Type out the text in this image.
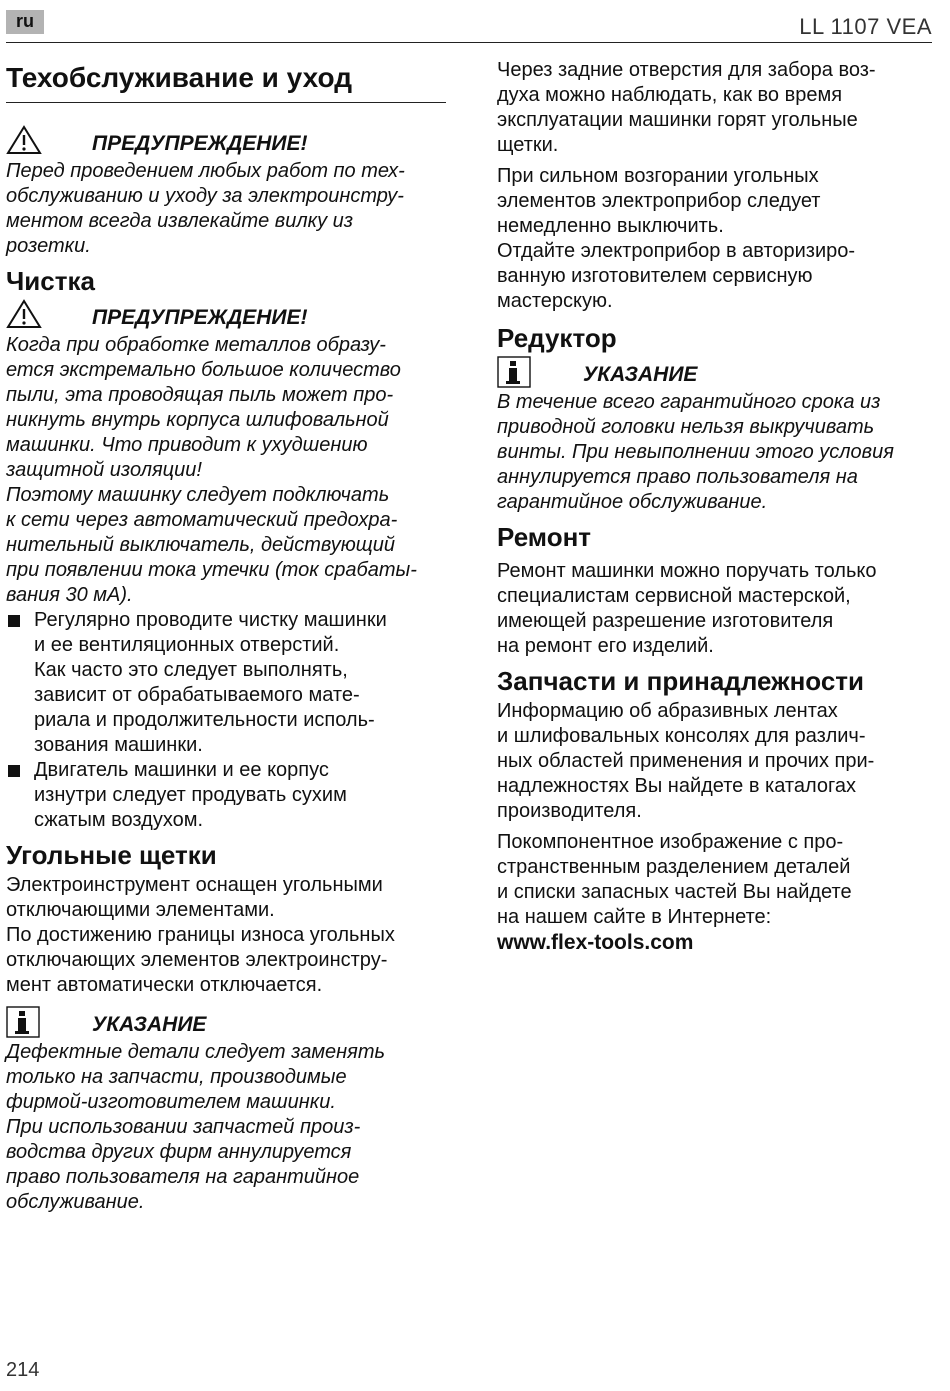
ru	LL 1107 VEA
Техобслуживание и уход
ПРЕДУПРЕЖДЕНИЕ!

Перед проведением любых работ по тех-

обслуживанию и уходу за электроинстру-

ментом всегда извлекайте вилку из

розетки.

Чистка
ПРЕДУПРЕЖДЕНИЕ!

Когда при обработке металлов образу-

ется экстремально большое количество

пыли, эта проводящая пыль может про-

никнуть внутрь корпуса шлифовальной

машинки. Что приводит к ухудшению

защитной изоляции!

Поэтому машинку следует подключать

к сети через автоматический предохра-

нительный выключатель, действующий

при появлении тока утечки (ток срабаты-

вания 30 мА).

Регулярно проводите чистку машинки
и ее вентиляционных отверстий.
Как часто это следует выполнять,
зависит от обрабатываемого мате-
риала и продолжительности исполь-
зования машинки.
Двигатель машинки и ее корпус
изнутри следует продувать сухим
сжатым воздухом.
Угольные щетки

Электроинструмент оснащен угольными

отключающими элементами.

По достижению границы износа угольных

отключающих элементов электроинстру-

мент автоматически отключается.

УКАЗАНИЕ

Дефектные детали следует заменять

только на запчасти, производимые

фирмой-изготовителем машинки.

При использовании запчастей произ-

водства других фирм аннулируется

право пользователя на гарантийное

обслуживание.

Через задние отверстия для забора воз-

духа можно наблюдать, как во время

эксплуатации машинки горят угольные

щетки.

При сильном возгорании угольных

элементов электроприбор следует

немедленно выключить.

Отдайте электроприбор в авторизиро-

ванную изготовителем сервисную

мастерскую.

Редуктор
УКАЗАНИЕ

В течение всего гарантийного срока из

приводной головки нельзя выкручивать

винты. При невыполнении этого условия

аннулируется право пользователя на

гарантийное обслуживание.

Ремонт

Ремонт машинки можно поручать только

специалистам сервисной мастерской,

имеющей разрешение изготовителя

на ремонт его изделий.

Запчасти и принадлежности

Информацию об абразивных лентах

и шлифовальных консолях для различ-

ных областей применения и прочих при-

надлежностях Вы найдете в каталогах

производителя.

Покомпонентное изображение с про-

странственным разделением деталей

и списки запасных частей Вы найдете

на нашем сайте в Интернете:

www.flex-tools.com

214
